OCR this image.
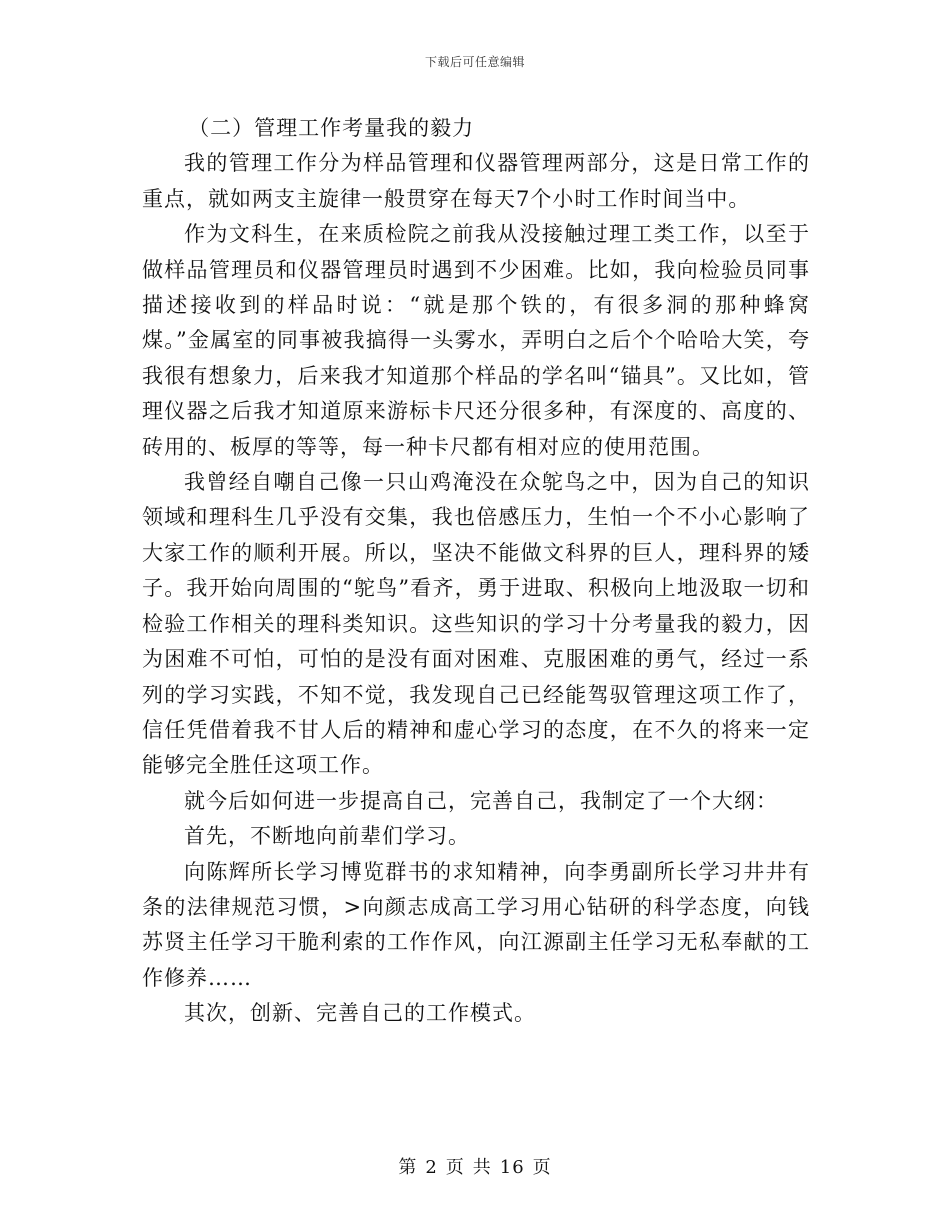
下载后可任意编辑

（二）管理工作考量我的毅力

我的管理工作分为样品管理和仪器管理两部分，这是日常工作的重点，就如两支主旋律一般贯穿在每天7个小时工作时间当中。

作为文科生，在来质检院之前我从没接触过理工类工作，以至于做样品管理员和仪器管理员时遇到不少困难。比如，我向检验员同事描述接收到的样品时说：“就是那个铁的，有很多洞的那种蜂窝煤。”金属室的同事被我搞得一头雾水，弄明白之后个个哈哈大笑，夸我很有想象力，后来我才知道那个样品的学名叫“锚具”。又比如，管理仪器之后我才知道原来游标卡尺还分很多种，有深度的、高度的、砖用的、板厚的等等，每一种卡尺都有相对应的使用范围。

我曾经自嘲自己像一只山鸡淹没在众鸵鸟之中，因为自己的知识领域和理科生几乎没有交集，我也倍感压力，生怕一个不小心影响了大家工作的顺利开展。所以，坚决不能做文科界的巨人，理科界的矮子。我开始向周围的“鸵鸟”看齐，勇于进取、积极向上地汲取一切和检验工作相关的理科类知识。这些知识的学习十分考量我的毅力，因为困难不可怕，可怕的是没有面对困难、克服困难的勇气，经过一系列的学习实践，不知不觉，我发现自己已经能驾驭管理这项工作了，信任凭借着我不甘人后的精神和虚心学习的态度，在不久的将来一定能够完全胜任这项工作。

就今后如何进一步提高自己，完善自己，我制定了一个大纲：

首先，不断地向前辈们学习。

向陈辉所长学习博览群书的求知精神，向李勇副所长学习井井有条的法律规范习惯，>向颜志成高工学习用心钻研的科学态度，向钱苏贤主任学习干脆利索的工作作风，向江源副主任学习无私奉献的工作修养……

其次，创新、完善自己的工作模式。

第 2 页 共 16 页
